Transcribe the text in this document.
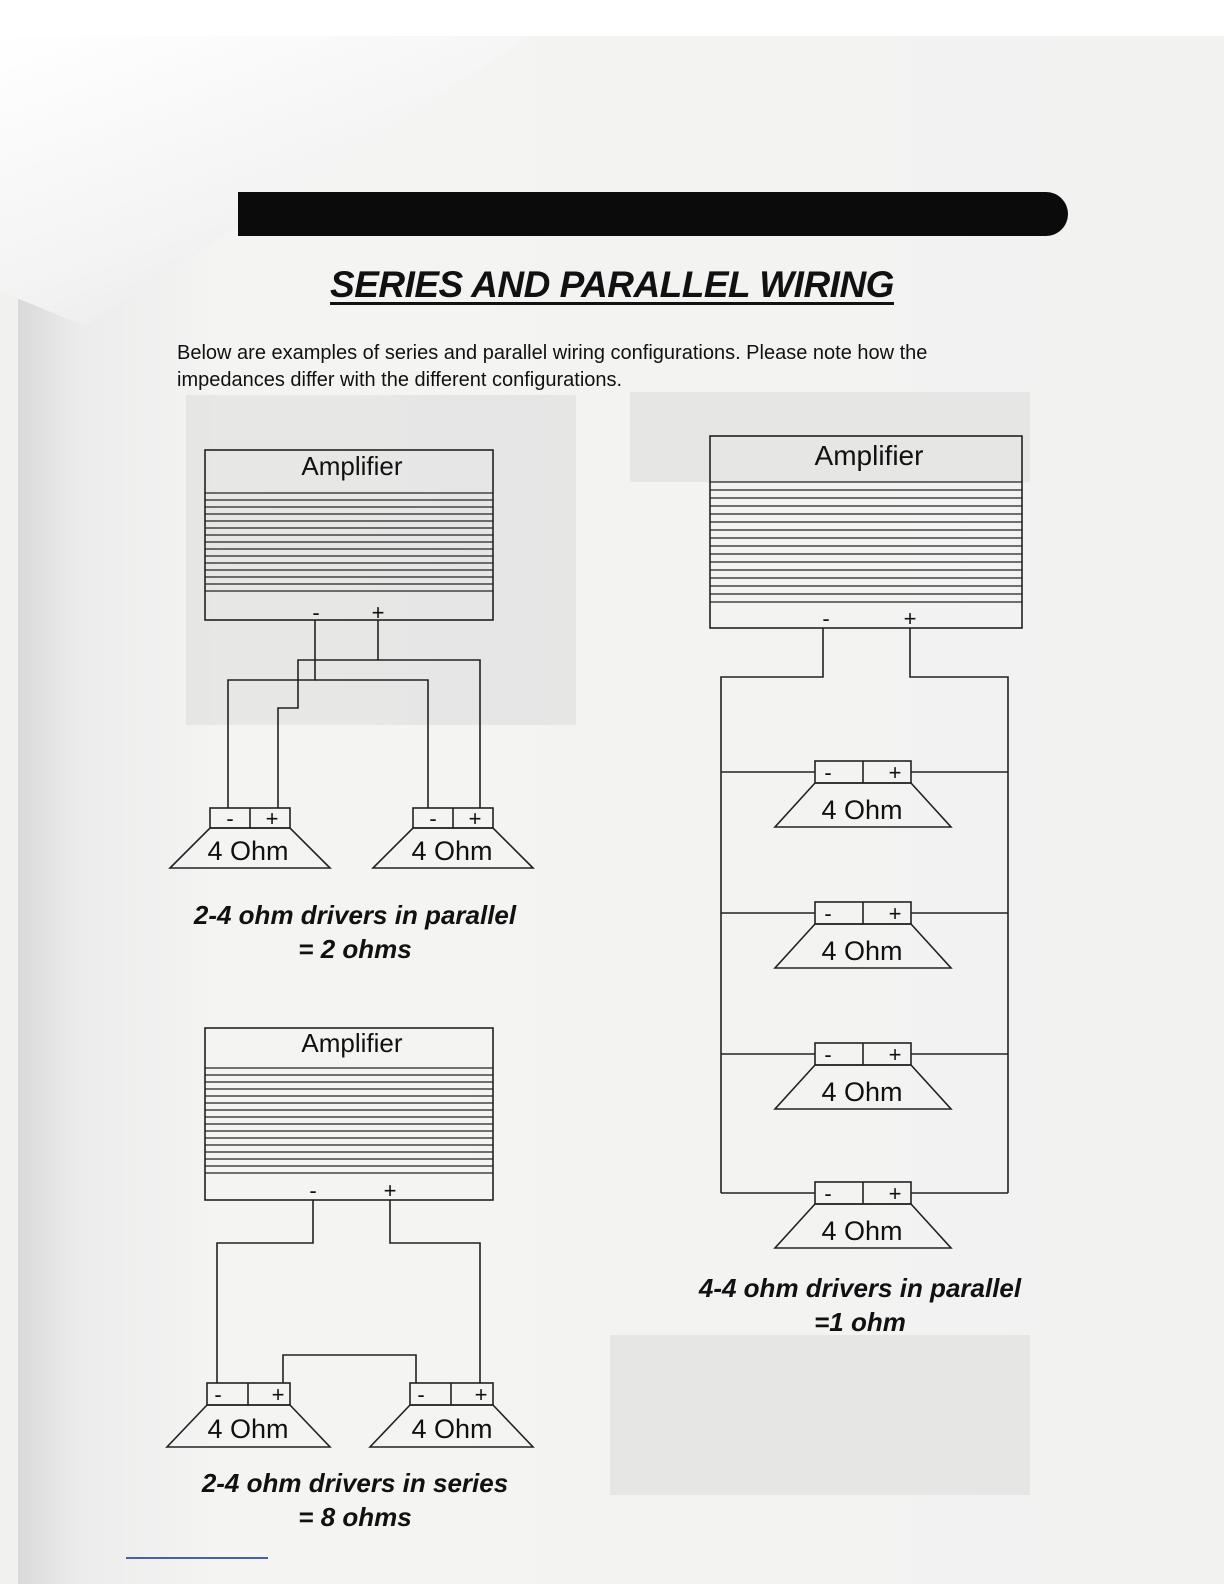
SERIES AND PARALLEL WIRING
Below are examples of series and parallel wiring configurations. Please note how the impedances differ with the different configurations.
Amplifier
- +
- +	- +
4 Ohm	4 Ohm
Amplifier
-	+
- +	- +
4 Ohm	4 Ohm
Amplifier
-	+
-	+
4 Ohm
-	+
4 Ohm
-	+
4 Ohm
-	+
4 Ohm
2-4 ohm drivers in parallel
= 2 ohms
2-4 ohm drivers in series
= 8 ohms
4-4 ohm drivers in parallel
=1 ohm
